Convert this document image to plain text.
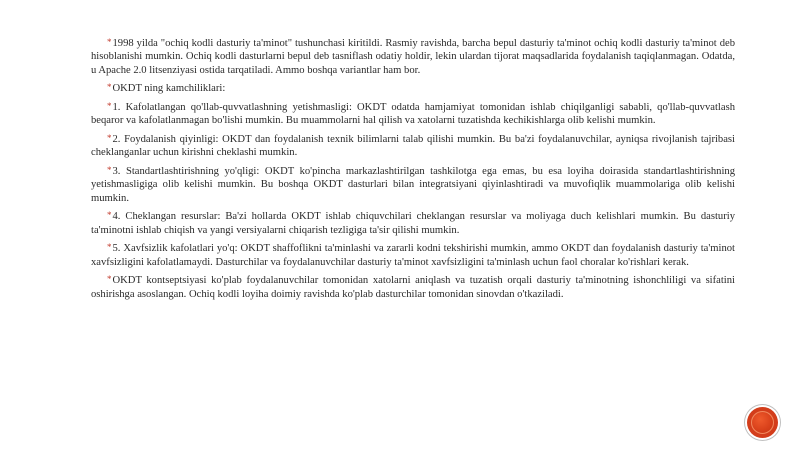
*1998 yilda "ochiq kodli dasturiy ta'minot" tushunchasi kiritildi. Rasmiy ravishda, barcha bepul dasturiy ta'minot ochiq kodli dasturiy ta'minot deb hisoblanishi mumkin. Ochiq kodli dasturlarni bepul deb tasniflash odatiy holdir, lekin ulardan tijorat maqsadlarida foydalanish taqiqlanmagan. Odatda, u Apache 2.0 litsenziyasi ostida tarqatiladi. Ammo boshqa variantlar ham bor.

*OKDT ning kamchiliklari:

*1. Kafolatlangan qo'llab-quvvatlashning yetishmasligi: OKDT odatda hamjamiyat tomonidan ishlab chiqilganligi sababli, qo'llab-quvvatlash beqaror va kafolatlanmagan bo'lishi mumkin. Bu muammolarni hal qilish va xatolarni tuzatishda kechikishlarga olib kelishi mumkin.

*2. Foydalanish qiyinligi: OKDT dan foydalanish texnik bilimlarni talab qilishi mumkin. Bu ba'zi foydalanuvchilar, ayniqsa rivojlanish tajribasi cheklanganlar uchun kirishni cheklashi mumkin.

*3. Standartlashtirishning yo'qligi: OKDT ko'pincha markazlashtirilgan tashkilotga ega emas, bu esa loyiha doirasida standartlashtirishning yetishmasligiga olib kelishi mumkin. Bu boshqa OKDT dasturlari bilan integratsiyani qiyinlashtiradi va muvofiqlik muammolariga olib kelishi mumkin.

*4. Cheklangan resurslar: Ba'zi hollarda OKDT ishlab chiquvchilari cheklangan resurslar va moliyaga duch kelishlari mumkin. Bu dasturiy ta'minotni ishlab chiqish va yangi versiyalarni chiqarish tezligiga ta'sir qilishi mumkin.

*5. Xavfsizlik kafolatlari yo'q: OKDT shaffoflikni ta'minlashi va zararli kodni tekshirishi mumkin, ammo OKDT dan foydalanish dasturiy ta'minot xavfsizligini kafolatlamaydi. Dasturchilar va foydalanuvchilar dasturiy ta'minot xavfsizligini ta'minlash uchun faol choralar ko'rishlari kerak.

*OKDT kontseptsiyasi ko'plab foydalanuvchilar tomonidan xatolarni aniqlash va tuzatish orqali dasturiy ta'minotning ishonchliligi va sifatini oshirishga asoslangan. Ochiq kodli loyiha doimiy ravishda ko'plab dasturchilar tomonidan sinovdan o'tkaziladi.
